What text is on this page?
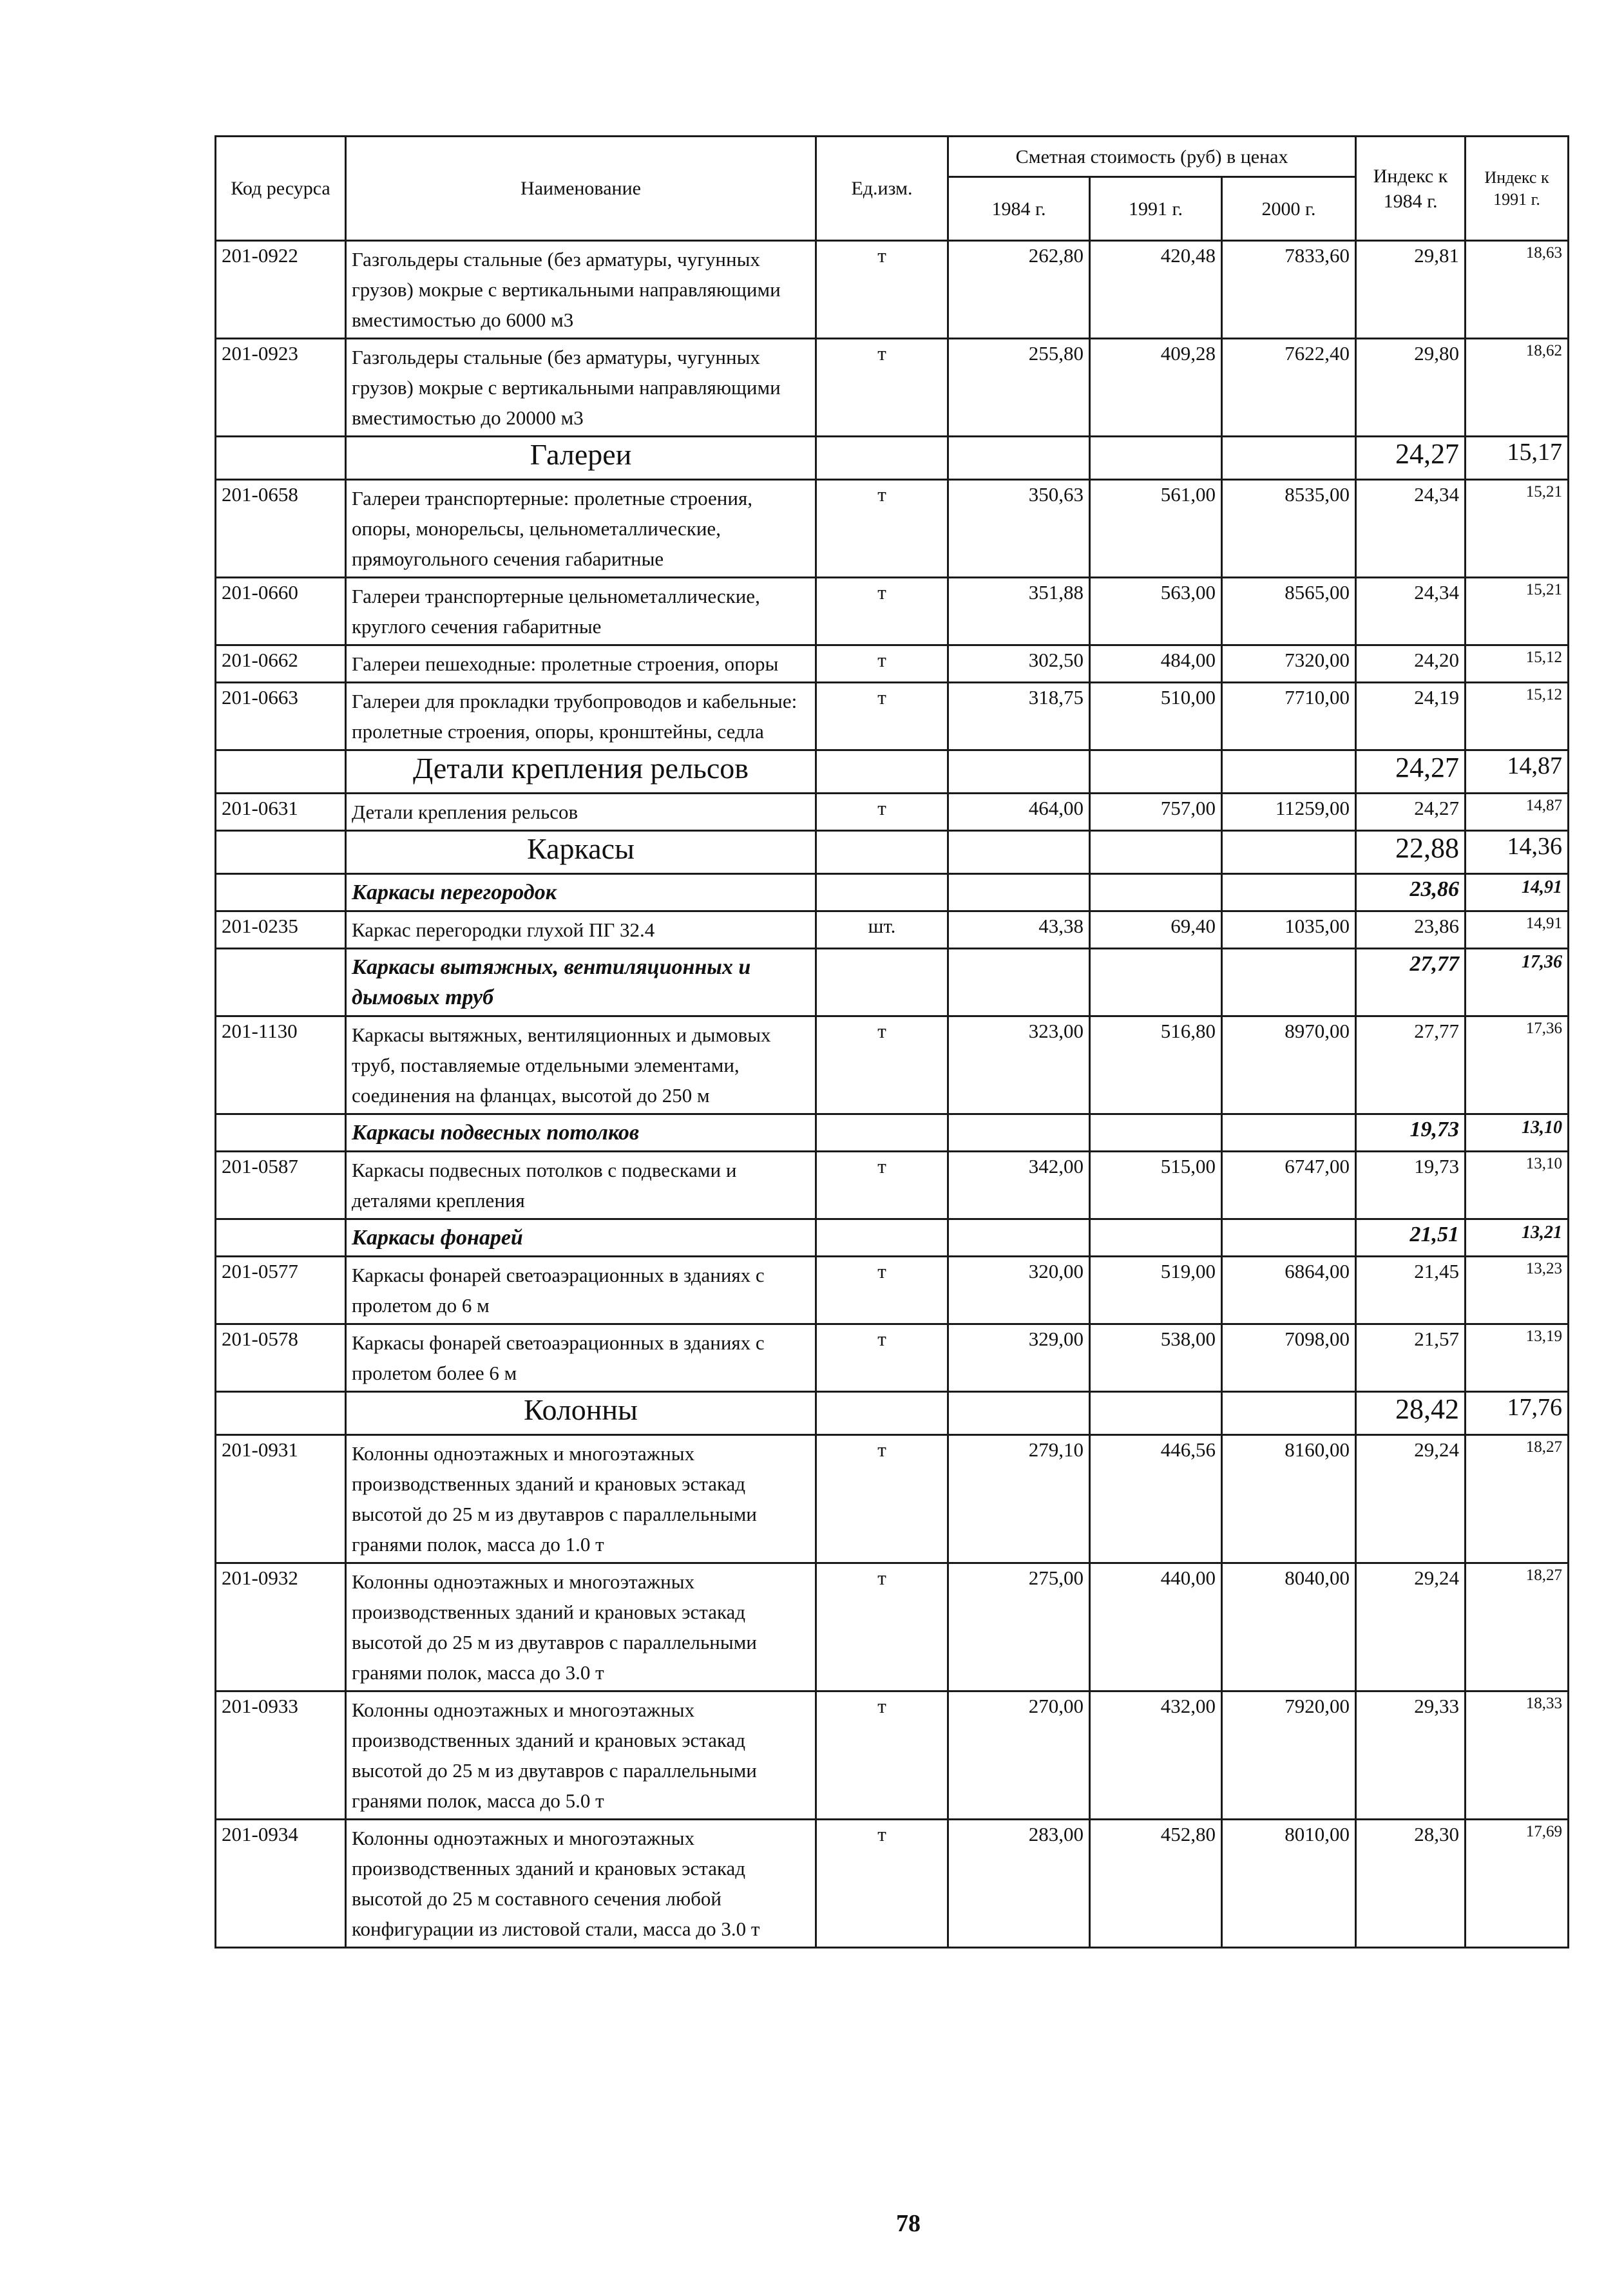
Код ресурса	Наименование	Ед.изм.	Сметная стоимость (руб) в ценах			Индекс к 1984 г.	Индекс к 1991 г.
			1984 г.	1991 г.	2000 г.		
201-0922	Газгольдеры стальные (без арматуры, чугунных грузов) мокрые с вертикальными направляющими вместимостью до 6000 м3	т	262,80	420,48	7833,60	29,81	18,63
201-0923	Газгольдеры стальные (без арматуры, чугунных грузов) мокрые с вертикальными направляющими вместимостью до 20000 м3	т	255,80	409,28	7622,40	29,80	18,62
	Галереи					24,27	15,17
201-0658	Галереи транспортерные: пролетные строения, опоры, монорельсы, цельнометаллические, прямоугольного сечения габаритные	т	350,63	561,00	8535,00	24,34	15,21
201-0660	Галереи транспортерные цельнометаллические, круглого сечения габаритные	т	351,88	563,00	8565,00	24,34	15,21
201-0662	Галереи пешеходные: пролетные строения, опоры	т	302,50	484,00	7320,00	24,20	15,12
201-0663	Галереи для прокладки трубопроводов и кабельные: пролетные строения, опоры, кронштейны, седла	т	318,75	510,00	7710,00	24,19	15,12
	Детали крепления рельсов					24,27	14,87
201-0631	Детали крепления рельсов	т	464,00	757,00	11259,00	24,27	14,87
	Каркасы					22,88	14,36
	Каркасы перегородок					23,86	14,91
201-0235	Каркас перегородки глухой ПГ 32.4	шт.	43,38	69,40	1035,00	23,86	14,91
	Каркасы вытяжных, вентиляционных и дымовых труб					27,77	17,36
201-1130	Каркасы вытяжных, вентиляционных и дымовых труб, поставляемые отдельными элементами, соединения на фланцах, высотой до 250 м	т	323,00	516,80	8970,00	27,77	17,36
	Каркасы подвесных потолков					19,73	13,10
201-0587	Каркасы подвесных потолков с подвесками и деталями крепления	т	342,00	515,00	6747,00	19,73	13,10
	Каркасы фонарей					21,51	13,21
201-0577	Каркасы фонарей светоаэрационных в зданиях с пролетом до 6 м	т	320,00	519,00	6864,00	21,45	13,23
201-0578	Каркасы фонарей светоаэрационных в зданиях с пролетом более 6 м	т	329,00	538,00	7098,00	21,57	13,19
	Колонны					28,42	17,76
201-0931	Колонны одноэтажных и многоэтажных производственных зданий и крановых эстакад высотой до 25 м из двутавров с параллельными гранями полок, масса до 1.0 т	т	279,10	446,56	8160,00	29,24	18,27
201-0932	Колонны одноэтажных и многоэтажных производственных зданий и крановых эстакад высотой до 25 м из двутавров с параллельными гранями полок, масса до 3.0 т	т	275,00	440,00	8040,00	29,24	18,27
201-0933	Колонны одноэтажных и многоэтажных производственных зданий и крановых эстакад высотой до 25 м из двутавров с параллельными гранями полок, масса до 5.0 т	т	270,00	432,00	7920,00	29,33	18,33
201-0934	Колонны одноэтажных и многоэтажных производственных зданий и крановых эстакад высотой до 25 м составного сечения любой конфигурации из листовой стали, масса до 3.0 т	т	283,00	452,80	8010,00	28,30	17,69
78
